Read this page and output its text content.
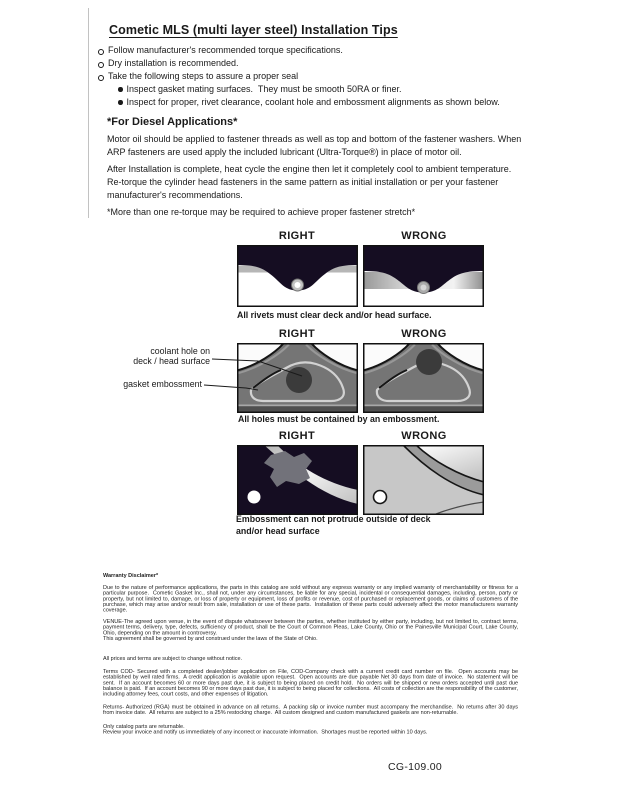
Cometic MLS (multi layer steel) Installation Tips
Follow manufacturer's recommended torque specifications.
Dry installation is recommended.
Take the following steps to assure a proper seal
Inspect gasket mating surfaces.  They must be smooth 50RA or finer.
Inspect for proper, rivet clearance, coolant hole and embossment alignments as shown below.
*For Diesel Applications*
Motor oil should be applied to fastener threads as well as top and bottom of the fastener washers. When ARP fasteners are used apply the included lubricant (Ultra-Torque®) in place of motor oil.
After Installation is complete, heat cycle the engine then let it completely cool to ambient temperature. Re-torque the cylinder head fasteners in the same pattern as initial installation or per your fastener manufacturer's recommendations.
*More than one re-torque may be required to achieve proper fastener stretch*
RIGHT	WRONG
All rivets must clear deck and/or head surface.
RIGHT	WRONG
coolant hole on
deck / head surface
gasket embossment
All holes must be contained by an embossment.
RIGHT	WRONG
Embossment can not protrude outside of deck and/or head surface
Warranty Disclaimer*

Due to the nature of performance applications, the parts in this catalog are sold without any express warranty or any implied warranty of merchantability or fitness for a particular purpose.  Cometic Gasket Inc., shall not, under any circumstances, be liable for any special, incidental or consequential damages, including, person, party or property, but not limited to, damage, or loss of property or equipment, loss of profits or revenue, cost of purchased or replacement goods, or claims of customers of the purchase, which may arise and/or result from sale, installation or use of these parts.  Installation of these parts could adversely affect the motor manufacturers warranty coverage.

VENUE-The agreed upon venue, in the event of dispute whatsoever between the parties, whether instituted by either party, including, but not limited to, contract terms, payment terms, delivery, type, defects, sufficiency of product, shall be the Court of Common Pleas, Lake County, Ohio or the Painesville Municipal Court, Lake County, Ohio, depending on the amount in controversy.
This agreement shall be governed by and construed under the laws of the State of Ohio.

All prices and terms are subject to change without notice.

Terms COD- Secured with a completed dealer/jobber application on File, COD-Company check with a current credit card number on file.  Open accounts may be established by well rated firms.  A credit application is available upon request.  Open accounts are due payable Net 30 days from date of invoice.  No statement will be sent.  If an account becomes 60 or more days past due, it is subject to being placed on credit hold.  No orders will be shipped or new orders accepted until past due balance is paid.  If an account becomes 90 or more days past due, it is subject to being placed for collections.  All costs of collection are the responsibility of the customer, including attorney fees, court costs, and other expenses of litigation.

Returns- Authorized (RGA) must be obtained in advance on all returns.  A packing slip or invoice number must accompany the merchandise.  No returns after 30 days from invoice date.  All returns are subject to a 25% restocking charge.  All custom designed and custom manufactured gaskets are non-returnable.

Only catalog parts are returnable.
Review your invoice and notify us immediately of any incorrect or inaccurate information.  Shortages must be reported within 10 days.

CG-109.00
